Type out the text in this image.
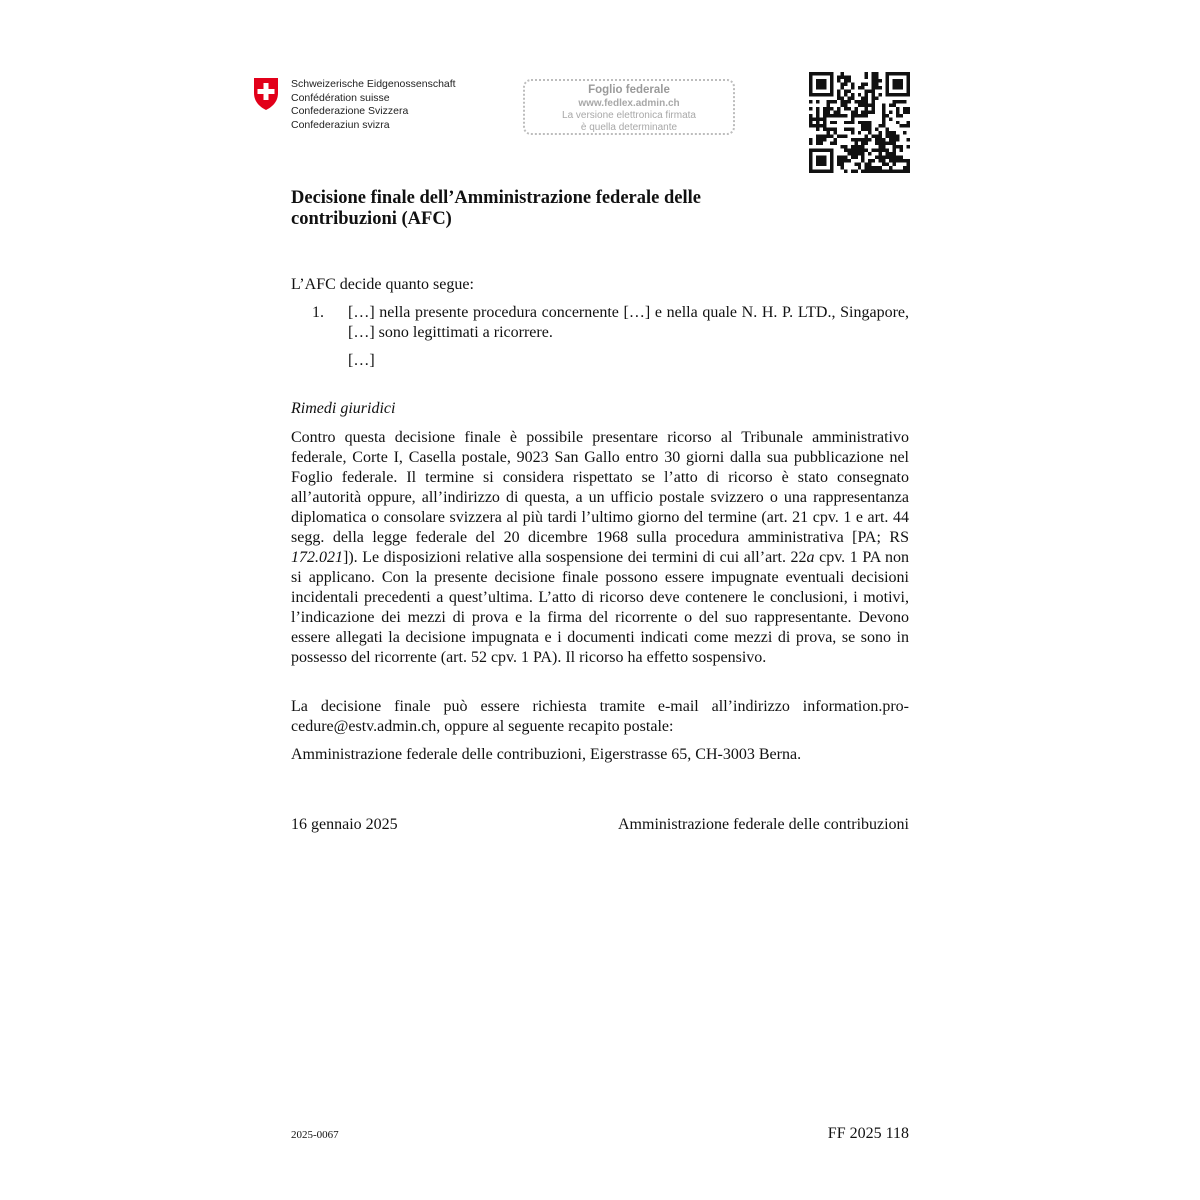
Schweizerische Eidgenossenschaft
Confédération suisse
Confederazione Svizzera
Confederaziun svizra
Foglio federale
www.fedlex.admin.ch
La versione elettronica firmata
è quella determinante
Decisione finale dell’Amministrazione federale delle contribuzioni (AFC)

L’AFC decide quanto segue:

1. […] nella presente procedura concernente […] e nella quale N. H. P. LTD., Singapore, […] sono legittimati a ricorrere.
[…]

Rimedi giuridici

Contro questa decisione finale è possibile presentare ricorso al Tribunale amministrativo federale, Corte I, Casella postale, 9023 San Gallo entro 30 giorni dalla sua pubblicazione nel Foglio federale. Il termine si considera rispettato se l’atto di ricorso è stato consegnato all’autorità oppure, all’indirizzo di questa, a un ufficio postale svizzero o una rappresentanza diplomatica o consolare svizzera al più tardi l’ultimo giorno del termine (art. 21 cpv. 1 e art. 44 segg. della legge federale del 20 dicembre 1968 sulla procedura amministrativa [PA; RS 172.021]). Le disposizioni relative alla sospensione dei termini di cui all’art. 22a cpv. 1 PA non si applicano. Con la presente decisione finale possono essere impugnate eventuali decisioni incidentali precedenti a quest’ultima. L’atto di ricorso deve contenere le conclusioni, i motivi, l’indicazione dei mezzi di prova e la firma del ricorrente o del suo rappresentante. Devono essere allegati la decisione impugnata e i documenti indicati come mezzi di prova, se sono in possesso del ricorrente (art. 52 cpv. 1 PA). Il ricorso ha effetto sospensivo.

La decisione finale può essere richiesta tramite e-mail all’indirizzo information.procedure@estv.admin.ch, oppure al seguente recapito postale:

Amministrazione federale delle contribuzioni, Eigerstrasse 65, CH-3003 Berna.

16 gennaio 2025	Amministrazione federale delle contribuzioni
2025-0067	FF 2025 118
